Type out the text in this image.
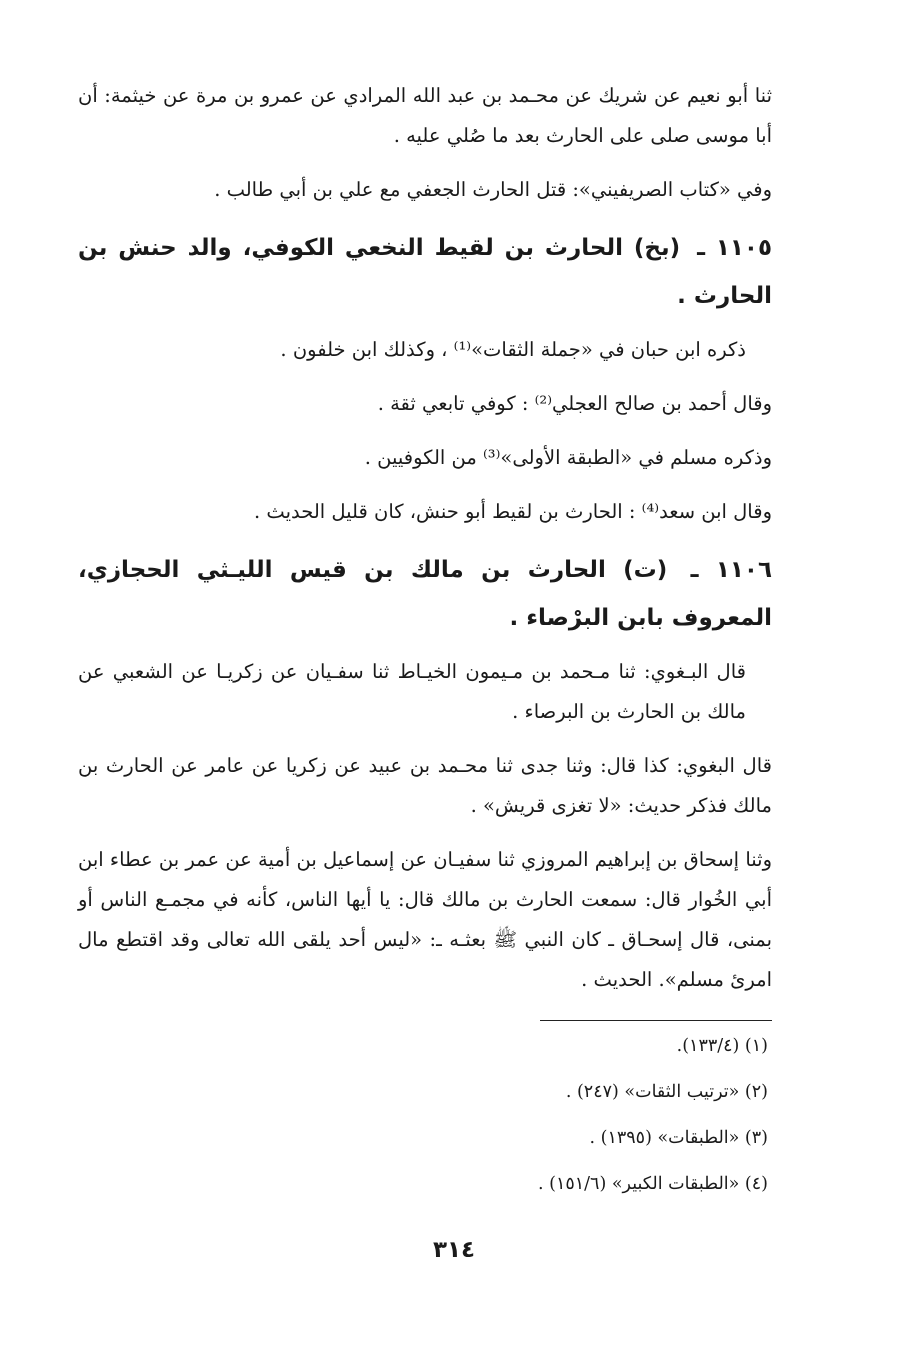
ثنا أبو نعيم عن شريك عن محـمد بن عبد الله المرادي عن عمرو بن مرة عن خيثمة: أن أبا موسى صلى على الحارث بعد ما صُلي عليه .

وفي «كتاب الصريفيني»: قتل الحارث الجعفي مع علي بن أبي طالب .

١١٠٥ ـ (بخ) الحارث بن لقيط النخعي الكوفي، والد حنش بن الحارث .

ذكره ابن حبان في «جملة الثقات»⁽¹⁾ ، وكذلك ابن خلفون .

وقال أحمد بن صالح العجلي⁽²⁾ : كوفي تابعي ثقة .

وذكره مسلم في «الطبقة الأولى»⁽³⁾ من الكوفيين .

وقال ابن سعد⁽⁴⁾ : الحارث بن لقيط أبو حنش، كان قليل الحديث .

١١٠٦ ـ (ت) الحارث بن مالك بن قيس الليـثي الحجازي، المعروف بابن البرْصاء .

قال البـغوي: ثنا مـحمد بن مـيمون الخيـاط ثنا سفـيان عن زكريـا عن الشعبي عن مالك بن الحارث بن البرصاء .

قال البغوي: كذا قال: وثنا جدى ثنا محـمد بن عبيد عن زكريا عن عامر عن الحارث بن مالك فذكر حديث: «لا تغزى قريش» .

وثنا إسحاق بن إبراهيم المروزي ثنا سفيـان عن إسماعيل بن أمية عن عمر بن عطاء ابن أبي الخُوار قال: سمعت الحارث بن مالك قال: يا أيها الناس، كأنه في مجمـع الناس أو بمنى، قال إسحـاق ـ كان النبي ﷺ بعثـه ـ: «ليس أحد يلقى الله تعالى وقد اقتطع مال امرئ مسلم». الحديث .

(١) (١٣٣/٤).

(٢) «ترتيب الثقات» (٢٤٧) .

(٣) «الطبقات» (١٣٩٥) .

(٤) «الطبقات الكبير» (١٥١/٦) .

٣١٤
